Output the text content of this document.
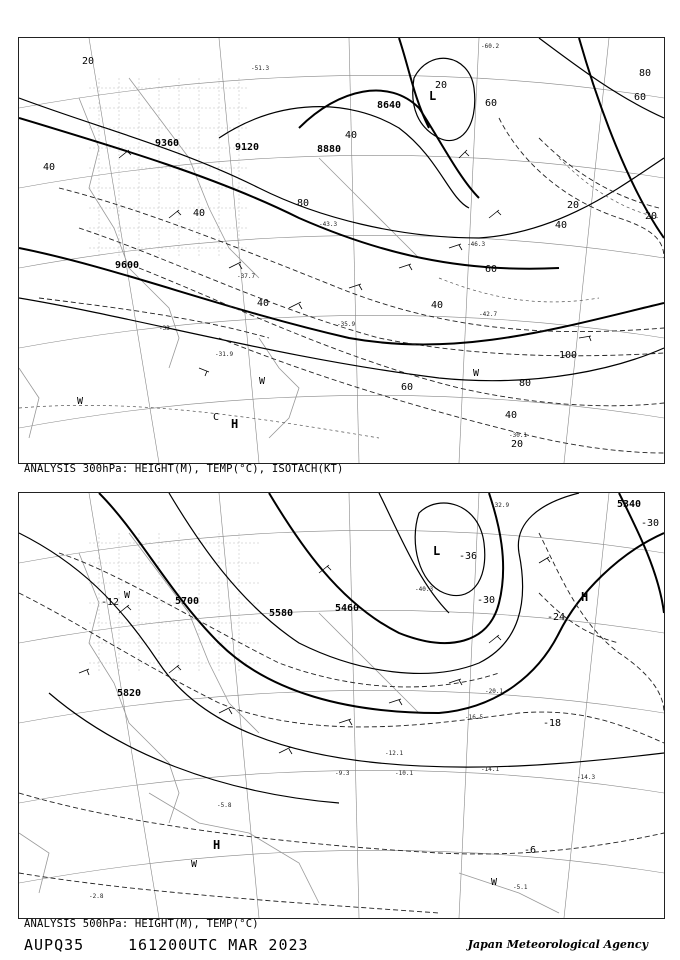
9600
9360	9120	8880
8640
20
20
20
20
20
40
40
40
40
40
40
40
60
60
60
60
80
80
80
100
-60.2
-51.3
-46.3
-43.3
-42.7
-37.7
-35.9
-33
-31.9
-30.1
L
H
C
W
W
W
ANALYSIS 300hPa: HEIGHT(M), TEMP(°C), ISOTACH(KT)
5820
5700
5580	5460
5340
-36
-30
-30
-24
-18
-12
-6
-40.3
-32.9
-20.1
-16.5
-14.3
-14.1
-12.1
-10.1
-9.3
-5.8
-5.1
-2.8
L
H
H
W
W
W
ANALYSIS 500hPa: HEIGHT(M), TEMP(°C)
AUPQ35	161200UTC MAR 2023	Japan Meteorological Agency
